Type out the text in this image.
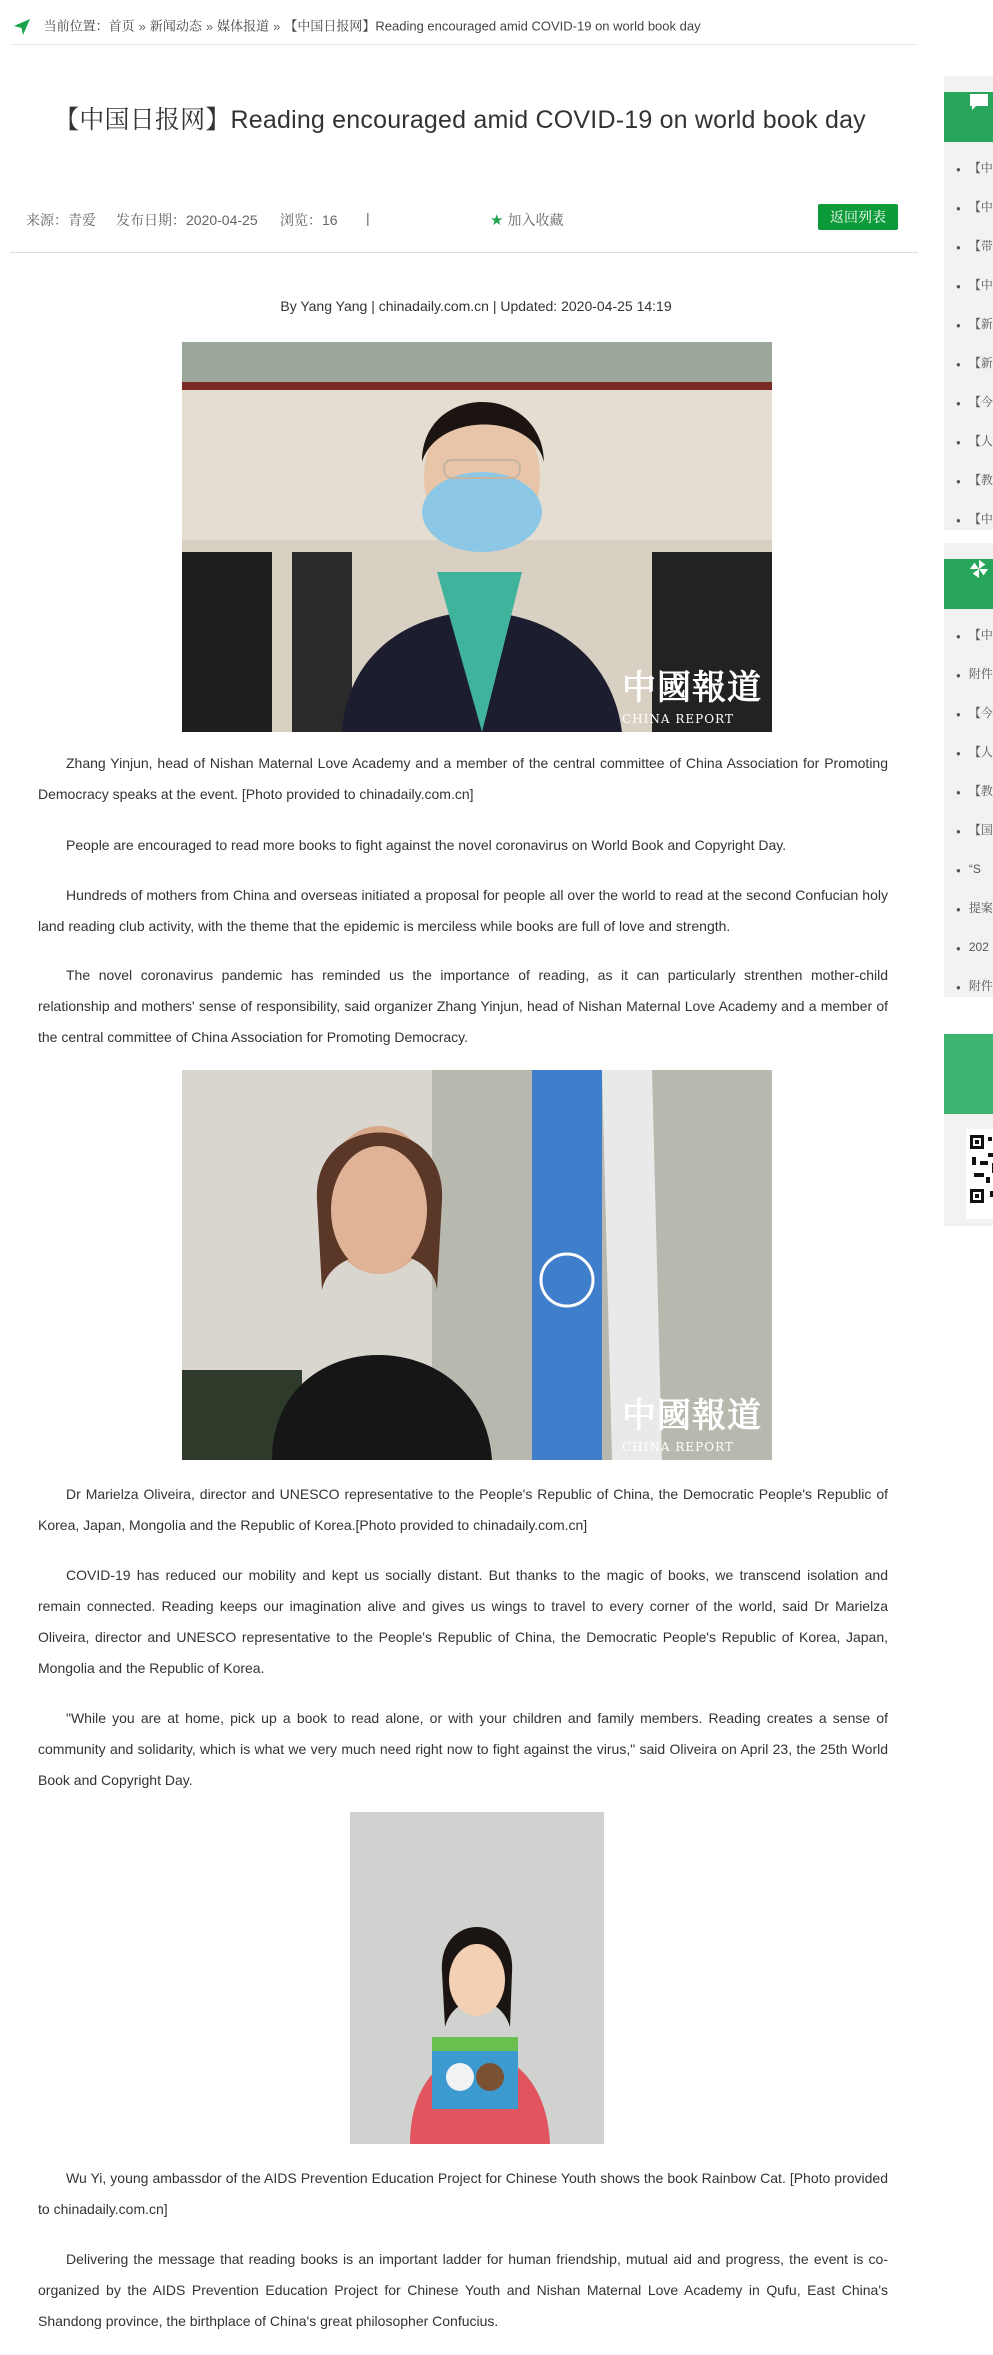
当前位置：首页 » 新闻动态 » 媒体报道 » 【中国日报网】Reading encouraged amid COVID-19 on world book day
【中国日报网】Reading encouraged amid COVID-19 on world book day
来源：青爱 发布日期：2020-04-25 浏览：16 |	★ 加入收藏	返回列表
By Yang Yang | chinadaily.com.cn | Updated: 2020-04-25 14:19
中國報道
CHINA REPORT

Zhang Yinjun, head of Nishan Maternal Love Academy and a member of the central committee of China Association for Promoting Democracy speaks at the event. [Photo provided to chinadaily.com.cn]

People are encouraged to read more books to fight against the novel coronavirus on World Book and Copyright Day.

Hundreds of mothers from China and overseas initiated a proposal for people all over the world to read at the second Confucian holy land reading club activity, with the theme that the epidemic is merciless while books are full of love and strength.

The novel coronavirus pandemic has reminded us the importance of reading, as it can particularly strenthen mother-child relationship and mothers' sense of responsibility, said organizer Zhang Yinjun, head of Nishan Maternal Love Academy and a member of the central committee of China Association for Promoting Democracy.

中國報道
CHINA REPORT

Dr Marielza Oliveira, director and UNESCO representative to the People's Republic of China, the Democratic People's Republic of Korea, Japan, Mongolia and the Republic of Korea.[Photo provided to chinadaily.com.cn]

COVID-19 has reduced our mobility and kept us socially distant. But thanks to the magic of books, we transcend isolation and remain connected. Reading keeps our imagination alive and gives us wings to travel to every corner of the world, said Dr Marielza Oliveira, director and UNESCO representative to the People's Republic of China, the Democratic People's Republic of Korea, Japan, Mongolia and the Republic of Korea.

"While you are at home, pick up a book to read alone, or with your children and family members. Reading creates a sense of community and solidarity, which is what we very much need right now to fight against the virus," said Oliveira on April 23, the 25th World Book and Copyright Day.

Wu Yi, young ambassdor of the AIDS Prevention Education Project for Chinese Youth shows the book Rainbow Cat. [Photo provided to chinadaily.com.cn]

Delivering the message that reading books is an important ladder for human friendship, mutual aid and progress, the event is co-organized by the AIDS Prevention Education Project for Chinese Youth and Nishan Maternal Love Academy in Qufu, East China's Shandong province, the birthplace of China's great philosopher Confucius.

● 【中
● 【中
● 【带
● 【中
● 【新
● 【新
● 【今
● 【人
● 【教
● 【中
● 【中
● 附件
● 【今
● 【人
● 【教
● 【国
● “S
● 提案
● 202
● 附件
